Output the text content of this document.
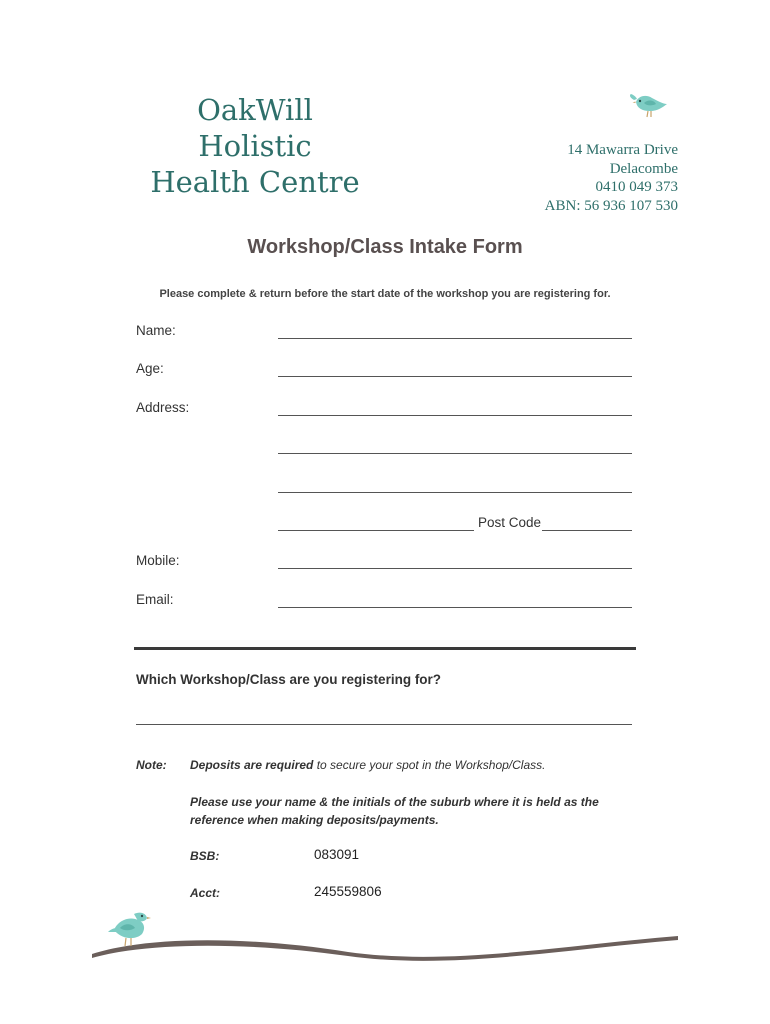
OakWill Holistic
Health Centre
14 Mawarra Drive
Delacombe
0410 049 373
ABN: 56 936 107 530
Workshop/Class Intake Form
Please complete & return before the start date of the workshop you are registering for.
Name:
Age:
Address:
Post Code
Mobile:
Email:
Which Workshop/Class are you registering for?
Note: Deposits are required to secure your spot in the Workshop/Class.
Please use your name & the initials of the suburb where it is held as the reference when making deposits/payments.
BSB:	083091
Acct:	245559806
